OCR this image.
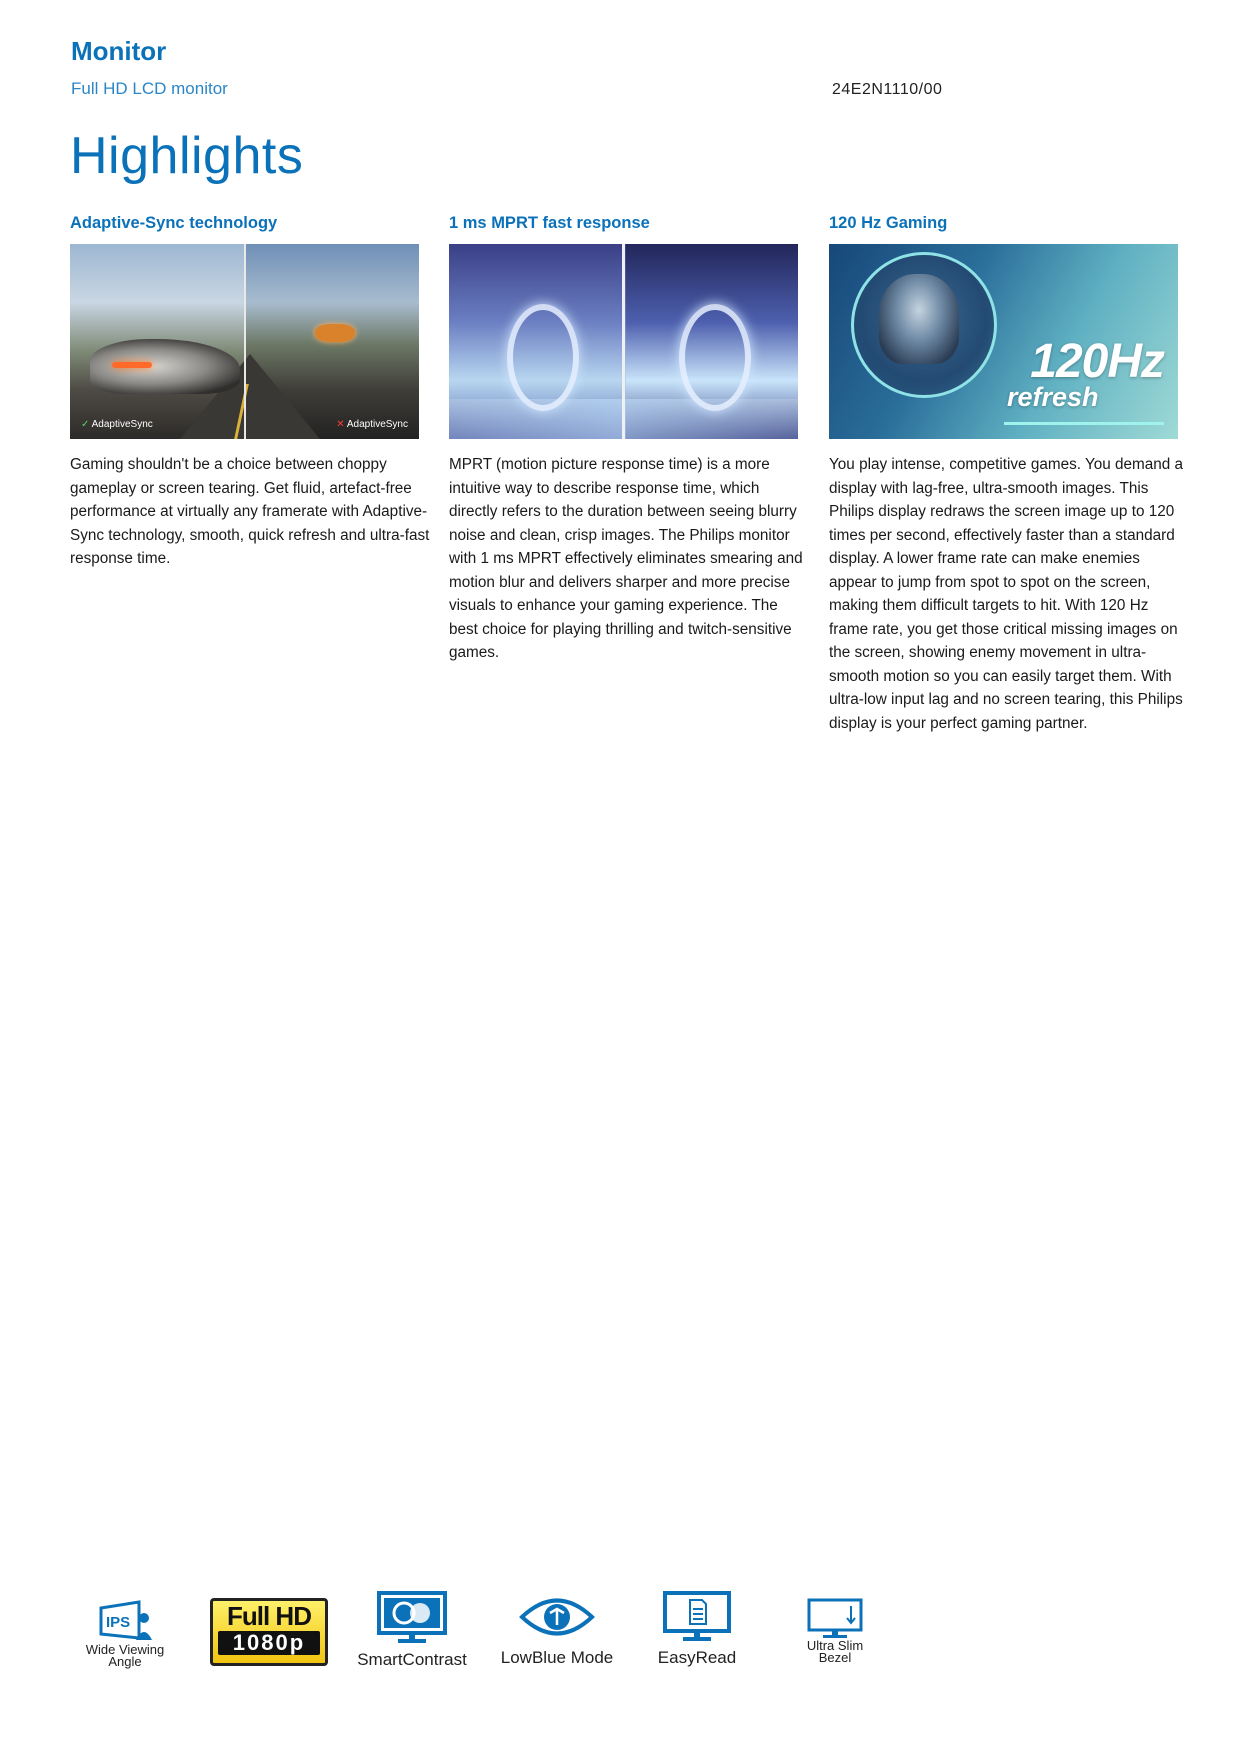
Monitor
Full HD LCD monitor	24E2N1110/00
Highlights
Adaptive-Sync technology
✓ AdaptiveSync	✕ AdaptiveSync

Gaming shouldn't be a choice between choppy gameplay or screen tearing. Get fluid, artefact-free performance at virtually any framerate with Adaptive-Sync technology, smooth, quick refresh and ultra-fast response time.

1 ms MPRT fast response

MPRT (motion picture response time) is a more intuitive way to describe response time, which directly refers to the duration between seeing blurry noise and clean, crisp images. The Philips monitor with 1 ms MPRT effectively eliminates smearing and motion blur and delivers sharper and more precise visuals to enhance your gaming experience. The best choice for playing thrilling and twitch-sensitive games.

120 Hz Gaming
120Hz
refresh

You play intense, competitive games. You demand a display with lag-free, ultra-smooth images. This Philips display redraws the screen image up to 120 times per second, effectively faster than a standard display. A lower frame rate can make enemies appear to jump from spot to spot on the screen, making them difficult targets to hit. With 120 Hz frame rate, you get those critical missing images on the screen, showing enemy movement in ultra-smooth motion so you can easily target them. With ultra-low input lag and no screen tearing, this Philips display is your perfect gaming partner.

IPS
Wide Viewing
Angle
Full HD
1080p
SmartContrast	LowBlue Mode	EasyRead
Ultra Slim
Bezel
